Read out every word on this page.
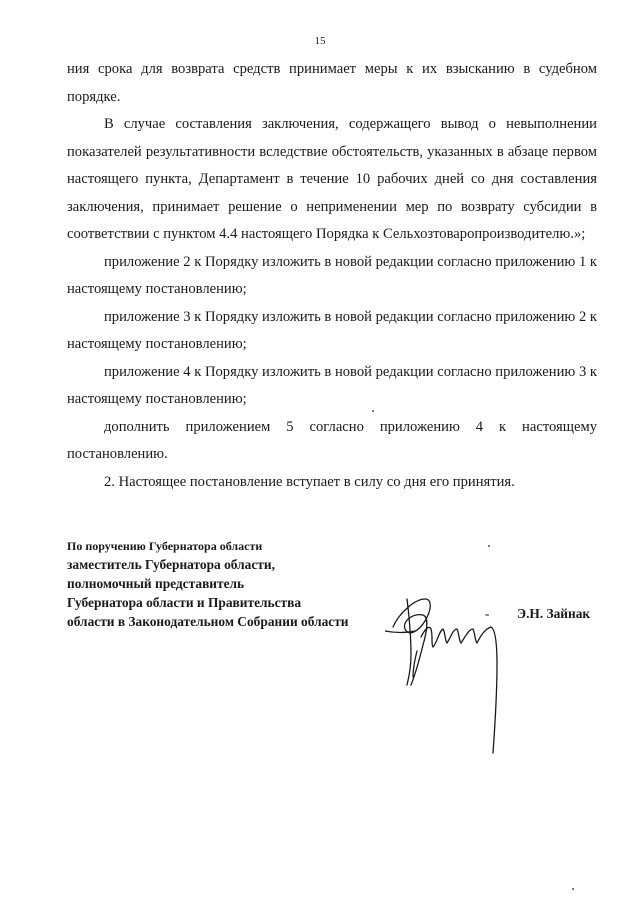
15

ния срока для возврата средств принимает меры к их взысканию в судебном порядке.

В случае составления заключения, содержащего вывод о невыполнении показателей результативности вследствие обстоятельств, указанных в абзаце первом настоящего пункта, Департамент в течение 10 рабочих дней со дня составления заключения, принимает решение о неприменении мер по возврату субсидии в соответствии с пунктом 4.4 настоящего Порядка к Сельхозтоваропроизводителю.»;

приложение 2 к Порядку изложить в новой редакции согласно приложению 1 к настоящему постановлению;

приложение 3 к Порядку изложить в новой редакции согласно приложению 2 к настоящему постановлению;

приложение 4 к Порядку изложить в новой редакции согласно приложению 3 к настоящему постановлению;

дополнить приложением 5 согласно приложению 4 к настоящему постановлению.

2. Настоящее постановление вступает в силу со дня его принятия.

По поручению Губернатора области
заместитель Губернатора области,
полномочный представитель
Губернатора области и Правительства
области в Законодательном Собрании области
- Э.Н. Зайнак
